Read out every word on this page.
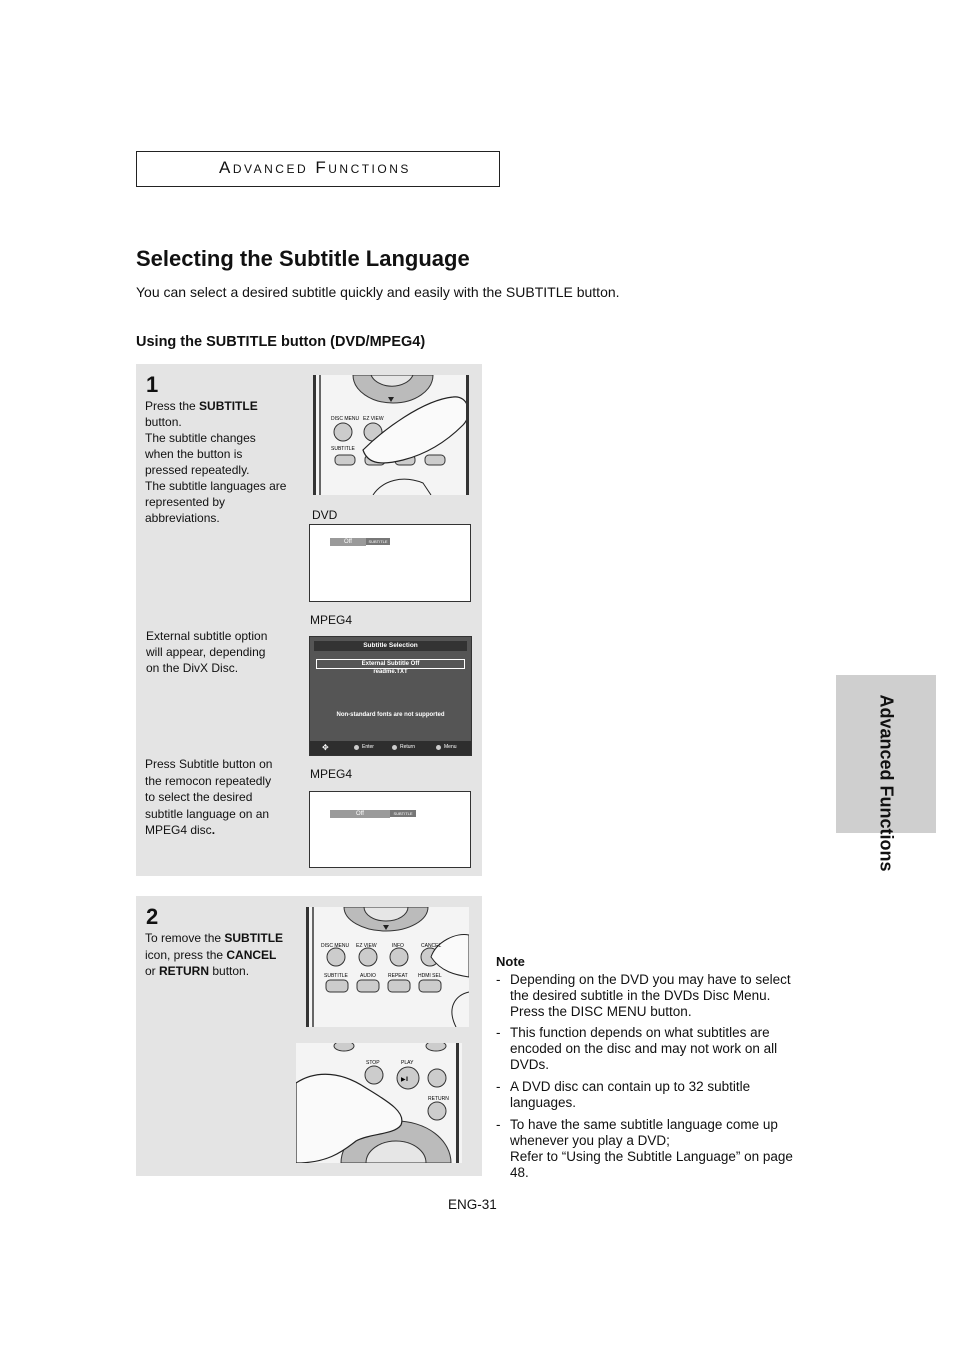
Advanced Functions
Selecting the Subtitle Language
You can select a desired subtitle quickly and easily with the SUBTITLE button.
Using the SUBTITLE button (DVD/MPEG4)
1
Press the SUBTITLE button.
The subtitle changes when the button is pressed repeatedly.
The subtitle languages are represented by abbreviations.
DISC MENU EZ VIEW
SUBTITLE
DVD
Off	SUBTITLE
External subtitle option will appear, depending on the DivX Disc.
MPEG4
Subtitle Selection
External Subtitle Off
readme.TXT
Non-standard fonts are not supported
✥	Enter	Return	Menu
Press Subtitle button on the remocon repeatedly to select the desired subtitle language on an MPEG4 disc.
MPEG4
Off	SUBTITLE
2
To remove the SUBTITLE icon, press the CANCEL or RETURN button.
DISC MENU EZ VIEW	INFO	CANCEL
SUBTITLE AUDIO REPEAT HDMI SEL
▶ll
STOP	PLAY
RETURN
Advanced Functions
Note
- Depending on the DVD you may have to select the desired subtitle in the DVDs Disc Menu. Press the DISC MENU button.
- This function depends on what subtitles are encoded on the disc and may not work on all DVDs.
- A DVD disc can contain up to 32 subtitle languages.
- To have the same subtitle language come up whenever you play a DVD;
Refer to “Using the Subtitle Language” on page 48.
ENG-31
